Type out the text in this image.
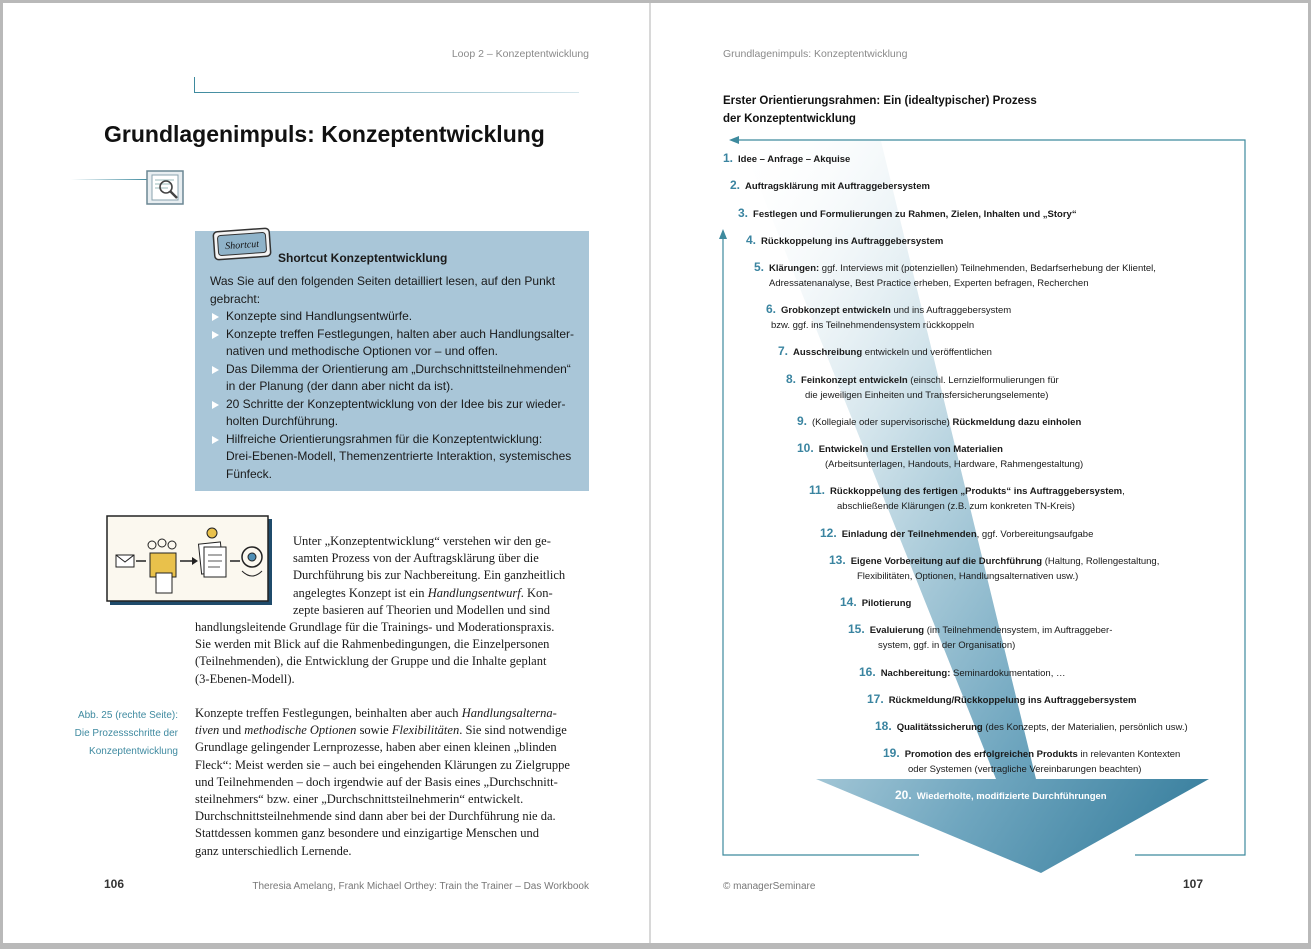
Loop 2 – Konzeptentwicklung
Grundlagenimpuls: Konzeptentwicklung
Shortcut
Shortcut Konzeptentwicklung
Was Sie auf den folgenden Seiten detailliert lesen, auf den Punkt
gebracht:
Konzepte sind Handlungsentwürfe.
Konzepte treffen Festlegungen, halten aber auch Handlungsalter-
nativen und methodische Optionen vor – und offen.
Das Dilemma der Orientierung am „Durchschnittsteilnehmenden“
in der Planung (der dann aber nicht da ist).
20 Schritte der Konzeptentwicklung von der Idee bis zur wieder-
holten Durchführung.
Hilfreiche Orientierungsrahmen für die Konzeptentwicklung:
Drei-Ebenen-Modell, Themenzentrierte Interaktion, systemisches
Fünfeck.

Unter „Konzeptentwicklung“ verstehen wir den ge-
samten Prozess von der Auftragsklärung über die
Durchführung bis zur Nachbereitung. Ein ganzheitlich
angelegtes Konzept ist ein Handlungsentwurf. Kon-
zepte basieren auf Theorien und Modellen und sind

handlungsleitende Grundlage für die Trainings- und Moderationspraxis.
Sie werden mit Blick auf die Rahmenbedingungen, die Einzelpersonen
(Teilnehmenden), die Entwicklung der Gruppe und die Inhalte geplant
(3-Ebenen-Modell).

Abb. 25 (rechte Seite):
Die Prozessschritte der
Konzeptentwicklung

Konzepte treffen Festlegungen, beinhalten aber auch Handlungsalterna-
tiven und methodische Optionen sowie Flexibilitäten. Sie sind notwendige
Grundlage gelingender Lernprozesse, haben aber einen kleinen „blinden
Fleck“: Meist werden sie – auch bei eingehenden Klärungen zu Zielgruppe
und Teilnehmenden – doch irgendwie auf der Basis eines „Durchschnitt-
steilnehmers“ bzw. einer „Durchschnittsteilnehmerin“ entwickelt.
Durchschnittsteilnehmende sind dann aber bei der Durchführung nie da.
Stattdessen kommen ganz besondere und einzigartige Menschen und
ganz unterschiedlich Lernende.

106	Theresia Amelang, Frank Michael Orthey: Train the Trainer – Das Workbook
Grundlagenimpuls: Konzeptentwicklung
Erster Orientierungsrahmen: Ein (idealtypischer) Prozess
der Konzeptentwicklung
1. Idee – Anfrage – Akquise
2. Auftragsklärung mit Auftraggebersystem
3. Festlegen und Formulierungen zu Rahmen, Zielen, Inhalten und „Story“
4. Rückkoppelung ins Auftraggebersystem
5. Klärungen: ggf. Interviews mit (potenziellen) Teilnehmenden, Bedarfserhebung der Klientel,
Adressatenanalyse, Best Practice erheben, Experten befragen, Recherchen
6. Grobkonzept entwickeln und ins Auftraggebersystem
bzw. ggf. ins Teilnehmendensystem rückkoppeln
7. Ausschreibung entwickeln und veröffentlichen
8. Feinkonzept entwickeln (einschl. Lernzielformulierungen für
die jeweiligen Einheiten und Transfersicherungselemente)
9. (Kollegiale oder supervisorische) Rückmeldung dazu einholen
10. Entwickeln und Erstellen von Materialien
(Arbeitsunterlagen, Handouts, Hardware, Rahmengestaltung)
11. Rückkoppelung des fertigen „Produkts“ ins Auftraggebersystem,
abschließende Klärungen (z.B. zum konkreten TN-Kreis)
12. Einladung der Teilnehmenden, ggf. Vorbereitungsaufgabe
13. Eigene Vorbereitung auf die Durchführung (Haltung, Rollengestaltung,
Flexibilitäten, Optionen, Handlungsalternativen usw.)
14. Pilotierung
15. Evaluierung (im Teilnehmendensystem, im Auftraggeber-
system, ggf. in der Organisation)
16. Nachbereitung: Seminardokumentation, …
17. Rückmeldung/Rückkoppelung ins Auftraggebersystem
18. Qualitätssicherung (des Konzepts, der Materialien, persönlich usw.)
19. Promotion des erfolgreichen Produkts in relevanten Kontexten
oder Systemen (vertragliche Vereinbarungen beachten)
20. Wiederholte, modifizierte Durchführungen
© managerSeminare	107
